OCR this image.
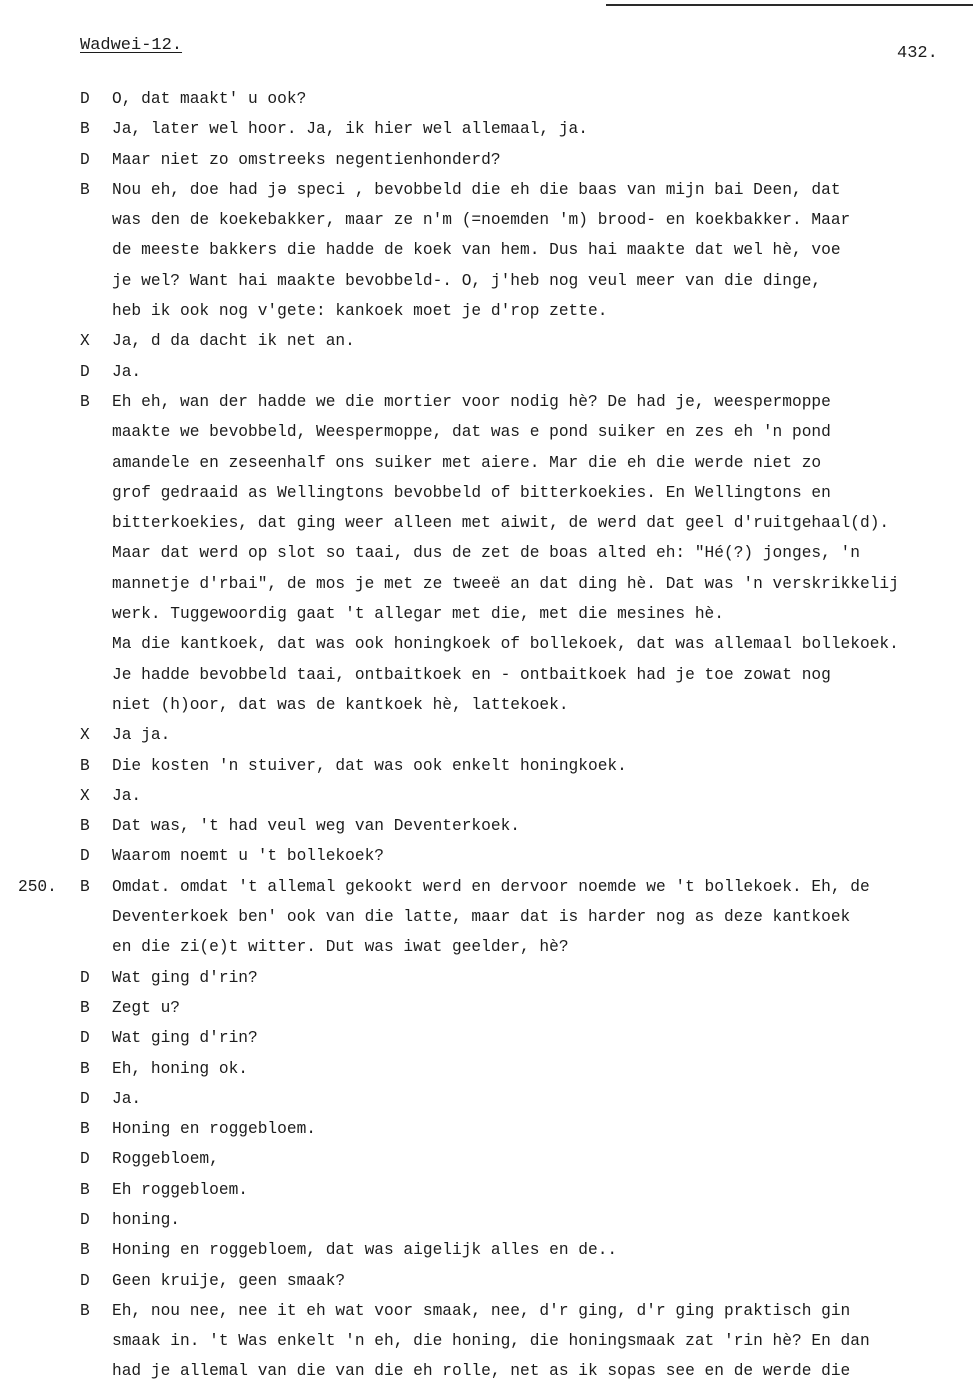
Wadwei-12.	432.
D O, dat maakt' u ook?
B Ja, later wel hoor. Ja, ik hier wel allemaal, ja.
D Maar niet zo omstreeks negentienhonderd?
B Nou eh, doe had jə speci , bevobbeld die eh die baas van mijn bai Deen, dat
was den de koekebakker, maar ze n'm (=noemden 'm) brood- en koekbakker. Maar
de meeste bakkers die hadde de koek van hem. Dus hai maakte dat wel hè, voe
je wel? Want hai maakte bevobbeld-. O, j'heb nog veul meer van die dinge,
heb ik ook nog v'gete: kankoek moet je d'rop zette.
X Ja, d da dacht ik net an.
D Ja.
B Eh eh, wan der hadde we die mortier voor nodig hè? De had je, weespermoppe
maakte we bevobbeld, Weespermoppe, dat was e pond suiker en zes eh 'n pond
amandele en zeseenhalf ons suiker met aiere. Mar die eh die werde niet zo
grof gedraaid as Wellingtons bevobbeld of bitterkoekies. En Wellingtons en
bitterkoekies, dat ging weer alleen met aiwit, de werd dat geel d'ruitgehaal(d).
Maar dat werd op slot so taai, dus de zet de boas alted eh: "Hé(?) jonges, 'n
mannetje d'rbai", de mos je met ze tweeë an dat ding hè. Dat was 'n verskrikkelij
werk. Tuggewoordig gaat 't allegar met die, met die mesines hè.
Ma die kantkoek, dat was ook honingkoek of bollekoek, dat was allemaal bollekoek.
Je hadde bevobbeld taai, ontbaitkoek en - ontbaitkoek had je toe zowat nog
niet (h)oor, dat was de kantkoek hè, lattekoek.
X Ja ja.
B Die kosten 'n stuiver, dat was ook enkelt honingkoek.
X Ja.
B Dat was, 't had veul weg van Deventerkoek.
D Waarom noemt u 't bollekoek?
250. B Omdat. omdat 't allemal gekookt werd en dervoor noemde we 't bollekoek. Eh, de
Deventerkoek ben' ook van die latte, maar dat is harder nog as deze kantkoek
en die zi(e)t witter. Dut was iwat geelder, hè?
D Wat ging d'rin?
B Zegt u?
D Wat ging d'rin?
B Eh, honing ok.
D Ja.
B Honing en roggebloem.
D Roggebloem,
B Eh roggebloem.
D honing.
B Honing en roggebloem, dat was aigelijk alles en de..
D Geen kruije, geen smaak?
B Eh, nou nee, nee it eh wat voor smaak, nee, d'r ging, d'r ging praktisch gin
smaak in. 't Was enkelt 'n eh, die honing, die honingsmaak zat 'rin hè? En dan
had je allemal van die van die eh rolle, net as ik sopas see en de werde die
